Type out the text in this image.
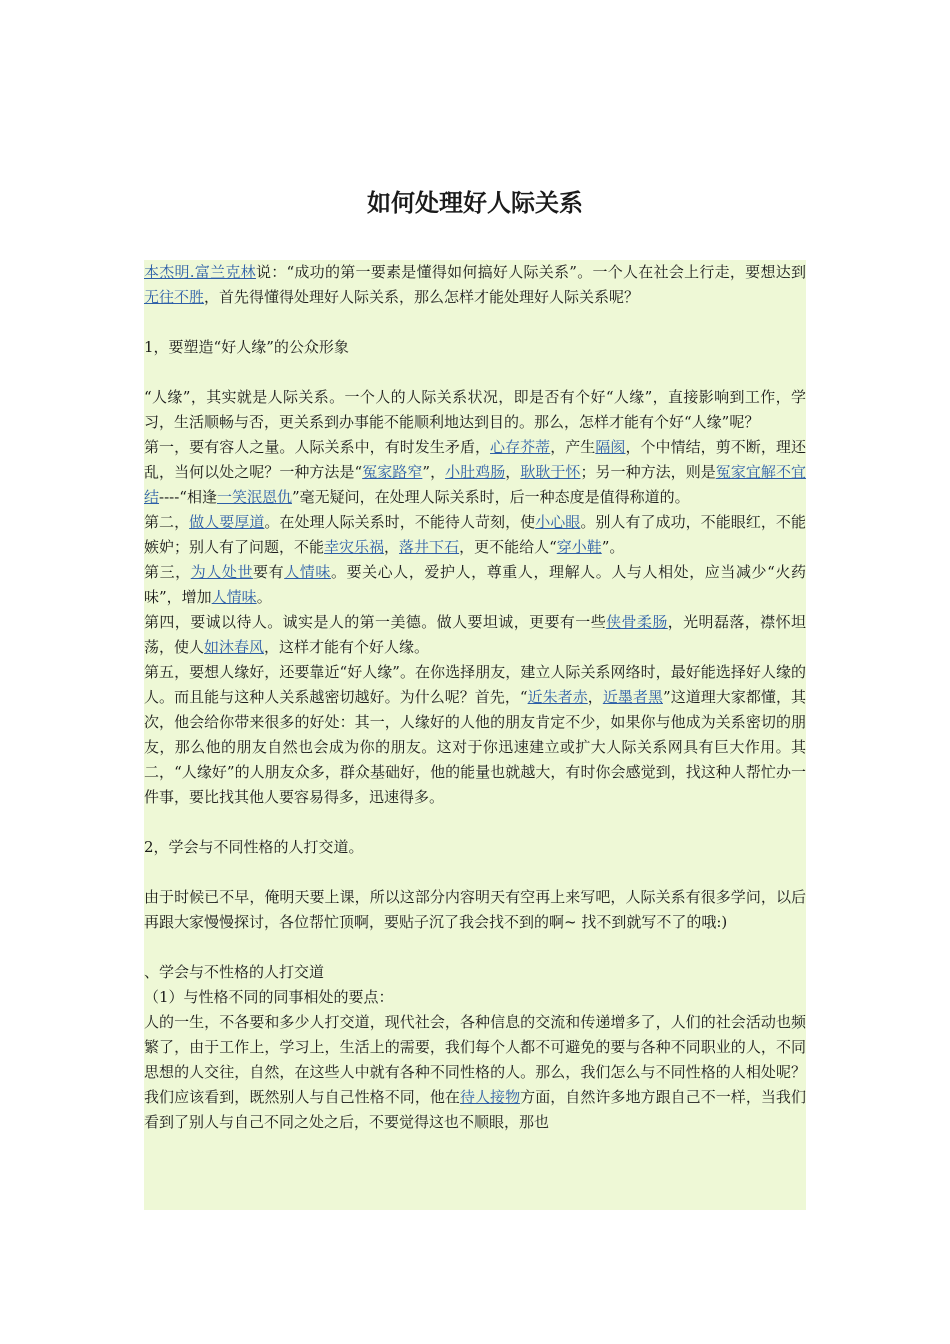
如何处理好人际关系

本杰明.富兰克林说：“成功的第一要素是懂得如何搞好人际关系”。一个人在社会上行走，要想达到无往不胜，首先得懂得处理好人际关系，那么怎样才能处理好人际关系呢？

1，要塑造“好人缘”的公众形象

“人缘”，其实就是人际关系。一个人的人际关系状况，即是否有个好“人缘”，直接影响到工作，学习，生活顺畅与否，更关系到办事能不能顺利地达到目的。那么，怎样才能有个好“人缘”呢？

第一，要有容人之量。人际关系中，有时发生矛盾，心存芥蒂，产生隔阂，个中情结，剪不断，理还乱，当何以处之呢？一种方法是“冤家路窄”，小肚鸡肠，耿耿于怀；另一种方法，则是冤家宜解不宜结----“相逢一笑泯恩仇”毫无疑问，在处理人际关系时，后一种态度是值得称道的。

第二，做人要厚道。在处理人际关系时，不能待人苛刻，使小心眼。别人有了成功，不能眼红，不能嫉妒；别人有了问题，不能幸灾乐祸，落井下石，更不能给人“穿小鞋”。

第三，为人处世要有人情味。要关心人，爱护人，尊重人，理解人。人与人相处，应当减少“火药味”，增加人情味。

第四，要诚以待人。诚实是人的第一美德。做人要坦诚，更要有一些侠骨柔肠，光明磊落，襟怀坦荡，使人如沐春风，这样才能有个好人缘。

第五，要想人缘好，还要靠近“好人缘”。在你选择朋友，建立人际关系网络时，最好能选择好人缘的人。而且能与这种人关系越密切越好。为什么呢？首先，“近朱者赤，近墨者黑”这道理大家都懂，其次，他会给你带来很多的好处：其一，人缘好的人他的朋友肯定不少，如果你与他成为关系密切的朋友，那么他的朋友自然也会成为你的朋友。这对于你迅速建立或扩大人际关系网具有巨大作用。其二，“人缘好”的人朋友众多，群众基础好，他的能量也就越大，有时你会感觉到，找这种人帮忙办一件事，要比找其他人要容易得多，迅速得多。

2，学会与不同性格的人打交道。

由于时候已不早，俺明天要上课，所以这部分内容明天有空再上来写吧，人际关系有很多学问，以后再跟大家慢慢探讨，各位帮忙顶啊，要贴子沉了我会找不到的啊~ 找不到就写不了的哦:)

、学会与不性格的人打交道

（1）与性格不同的同事相处的要点：

人的一生，不各要和多少人打交道，现代社会，各种信息的交流和传递增多了，人们的社会活动也频繁了，由于工作上，学习上，生活上的需要，我们每个人都不可避免的要与各种不同职业的人，不同思想的人交往，自然，在这些人中就有各种不同性格的人。那么，我们怎么与不同性格的人相处呢？我们应该看到，既然别人与自己性格不同，他在待人接物方面，自然许多地方跟自己不一样，当我们看到了别人与自己不同之处之后，不要觉得这也不顺眼，那也
